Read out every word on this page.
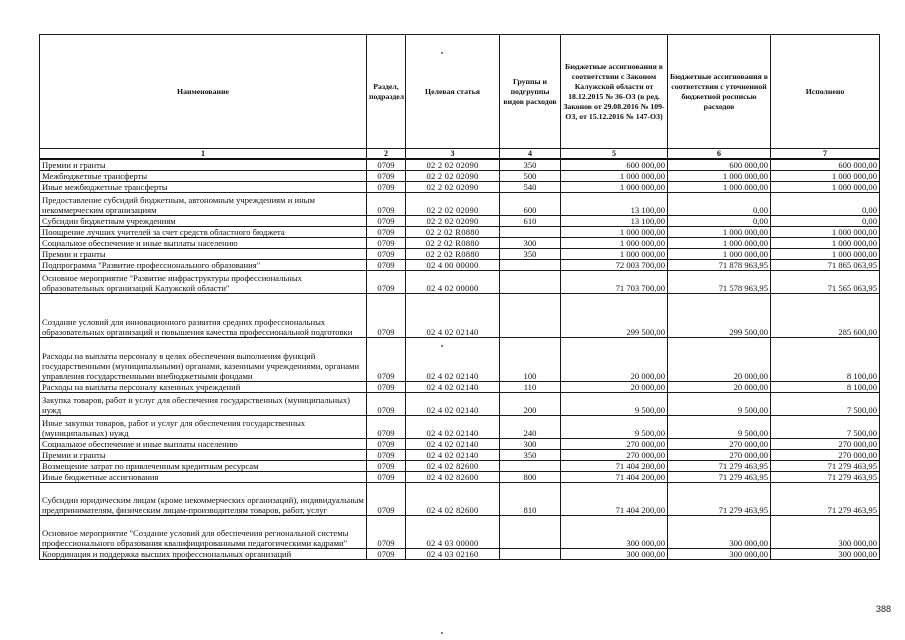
Наименование	Раздел, подраздел	Целевая статья	Группы и подгруппы видов расходов	Бюджетные ассигнования в соответствии с Законом Калужской области от 18.12.2015 № 36-ОЗ (в ред. Законов от 29.08.2016 № 109-ОЗ, от 15.12.2016 № 147-ОЗ)	Бюджетные ассигнования в соответствии с уточненной бюджетной росписью расходов	Исполнено
1	2	3	4	5	6	7
Премии и гранты	0709	02 2 02 02090	350	600 000,00	600 000,00	600 000,00
Межбюджетные трансферты	0709	02 2 02 02090	500	1 000 000,00	1 000 000,00	1 000 000,00
Иные межбюджетные трансферты	0709	02 2 02 02090	540	1 000 000,00	1 000 000,00	1 000 000,00
Предоставление субсидий бюджетным, автономным учреждениям и иным некоммерческим организациям	0709	02 2 02 02090	600	13 100,00	0,00	0,00
Субсидии бюджетным учреждениям	0709	02 2 02 02090	610	13 100,00	0,00	0,00
Поощрение лучших учителей за счет средств областного бюджета	0709	02 2 02 R0880		1 000 000,00	1 000 000,00	1 000 000,00
Социальное обеспечение и иные выплаты населению	0709	02 2 02 R0880	300	1 000 000,00	1 000 000,00	1 000 000,00
Премии и гранты	0709	02 2 02 R0880	350	1 000 000,00	1 000 000,00	1 000 000,00
Подпрограмма "Развитие профессионального образования"	0709	02 4 00 00000		72 003 700,00	71 878 963,95	71 865 063,95
Основное мероприятие "Развитие инфраструктуры профессиональных образовательных организаций Калужской области"	0709	02 4 02 00000		71 703 700,00	71 578 963,95	71 565 063,95
Создание условий для инновационного развития средних профессиональных образовательных организаций и повышения качества профессиональной подготовки	0709	02 4 02 02140		299 500,00	299 500,00	285 600,00
Расходы на выплаты персоналу в целях обеспечения выполнения функций государственными (муниципальными) органами, казенными учреждениями, органами управления государственными внебюджетными фондами	0709	02 4 02 02140	100	20 000,00	20 000,00	8 100,00
Расходы на выплаты персоналу казенных учреждений	0709	02 4 02 02140	110	20 000,00	20 000,00	8 100,00
Закупка товаров, работ и услуг для обеспечения государственных (муниципальных) нужд	0709	02 4 02 02140	200	9 500,00	9 500,00	7 500,00
Иные закупки товаров, работ и услуг для обеспечения государственных (муниципальных) нужд	0709	02 4 02 02140	240	9 500,00	9 500,00	7 500,00
Социальное обеспечение и иные выплаты населению	0709	02 4 02 02140	300	270 000,00	270 000,00	270 000,00
Премии и гранты	0709	02 4 02 02140	350	270 000,00	270 000,00	270 000,00
Возмещение затрат по привлеченным кредитным ресурсам	0709	02 4 02 82600		71 404 200,00	71 279 463,95	71 279 463,95
Иные бюджетные ассигнования	0709	02 4 02 82600	800	71 404 200,00	71 279 463,95	71 279 463,95
Субсидии юридическим лицам (кроме некоммерческих организаций), индивидуальным предпринимателям, физическим лицам-производителям товаров, работ, услуг	0709	02 4 02 82600	810	71 404 200,00	71 279 463,95	71 279 463,95
Основное мероприятие "Создание условий для обеспечения региональной системы профессионального образования квалифицированными педагогическими кадрами"	0709	02 4 03 00000		300 000,00	300 000,00	300 000,00
Координация и поддержка высших профессиональных организаций	0709	02 4 03 02160		300 000,00	300 000,00	300 000,00
388
